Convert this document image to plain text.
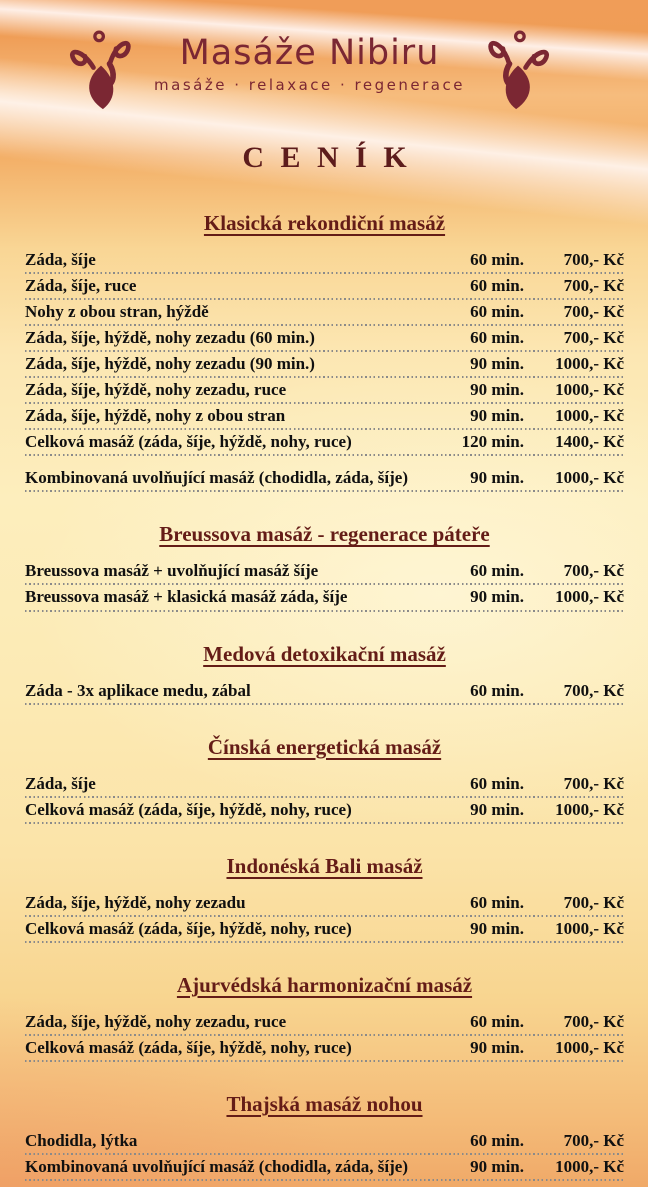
Masáže Nibiru
masáže · relaxace · regenerace
CENÍK
Klasická rekondiční masáž
Záda, šíje	60 min.	700,- Kč
Záda, šíje, ruce	60 min.	700,- Kč
Nohy z obou stran, hýždě	60 min.	700,- Kč
Záda, šíje, hýždě, nohy zezadu (60 min.)	60 min.	700,- Kč
Záda, šíje, hýždě, nohy zezadu (90 min.)	90 min.	1000,- Kč
Záda, šíje, hýždě, nohy zezadu, ruce	90 min.	1000,- Kč
Záda, šíje, hýždě, nohy z obou stran	90 min.	1000,- Kč
Celková masáž (záda, šíje, hýždě, nohy, ruce)	120 min.	1400,- Kč
Kombinovaná uvolňující masáž (chodidla, záda, šíje)	90 min.	1000,- Kč
Breussova masáž - regenerace páteře
Breussova masáž + uvolňující masáž šíje	60 min.	700,- Kč
Breussova masáž + klasická masáž záda, šíje	90 min.	1000,- Kč
Medová detoxikační masáž
Záda - 3x aplikace medu, zábal	60 min.	700,- Kč
Čínská energetická masáž
Záda, šíje	60 min.	700,- Kč
Celková masáž (záda, šíje, hýždě, nohy, ruce)	90 min.	1000,- Kč
Indonéská Bali masáž
Záda, šíje, hýždě, nohy zezadu	60 min.	700,- Kč
Celková masáž (záda, šíje, hýždě, nohy, ruce)	90 min.	1000,- Kč
Ajurvédská harmonizační masáž
Záda, šíje, hýždě, nohy zezadu, ruce	60 min.	700,- Kč
Celková masáž (záda, šíje, hýždě, nohy, ruce)	90 min.	1000,- Kč
Thajská masáž nohou
Chodidla, lýtka	60 min.	700,- Kč
Kombinovaná uvolňující masáž (chodidla, záda, šíje)	90 min.	1000,- Kč
